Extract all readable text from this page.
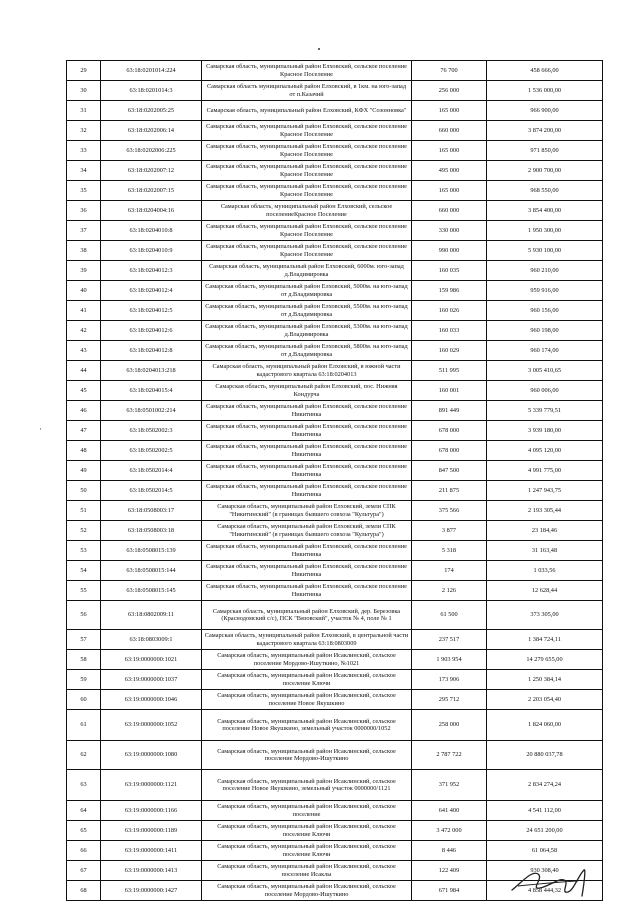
·
29	63:18:0201014:224	Самарская область, муниципальный район Елховский, сельское поселение Красное Поселение	76 700	458 666,00
30	63:18:0201014:3	Самарская область муниципальный район Елховский, в 1км. на юго-запад от п.Казачий	256 000	1 536 000,00
31	63:18:0202005:25	Самарская область, муниципальный район Елховский, КФХ "Созонновка"	165 000	966 900,00
32	63:18:0202006:14	Самарская область, муниципальный район Елховский, сельское поселение Красное Поселение	660 000	3 874 200,00
33	63:18:0202006:225	Самарская область, муниципальный район Елховский, сельское поселение Красное Поселение	165 000	971 850,00
34	63:18:0202007:12	Самарская область, муниципальный район Елховский, сельское поселение Красное Поселение	495 000	2 900 700,00
35	63:18:0202007:15	Самарская область, муниципальный район Елховский, сельское поселение Красное Поселение	165 000	968 550,00
36	63:18:0204004:16	Самарская область, муниципальный район Елховский, сельское поселениеКрасное Поселение	660 000	3 854 400,00
37	63:18:0204010:8	Самарская область, муниципальный район Елховский, сельское поселение Красное Поселение	330 000	1 950 300,00
38	63:18:0204010:9	Самарская область, муниципальный район Елховский, сельское поселение Красное Поселение	990 000	5 930 100,00
39	63:18:0204012:3	Самарская область, муниципальный район Елховский, 6000м. юго-запад д.Владимировка	160 035	960 210,00
40	63:18:0204012:4	Самарская область, муниципальный район Елховский, 5000м. на юго-запад от д.Владимировка	159 986	959 916,00
41	63:18:0204012:5	Самарская область, муниципальный район Елховский, 5500м. на юго-запад от д.Владимировка	160 026	960 156,00
42	63:18:0204012:6	Самарская область, муниципальный район Елховский, 5300м. на юго-запад д.Владимировка	160 033	960 198,00
43	63:18:0204012:8	Самарская область, муниципальный район Елховский, 5800м. на юго-запад от д.Владимировка	160 029	960 174,00
44	63:18:0204013:218	Самарская область, муниципальный район Елховский, в южной части кадастрового квартала 63:18:0204013	511 995	3 005 410,65
45	63:18:0204015:4	Самарская область, муниципальный район Елховский, пос. Нижняя Кондурча	160 001	960 006,00
46	63:18:0501002:214	Самарская область, муниципальный район Елховский, сельское поселение Никитинка	891 449	5 339 779,51
47	63:18:0502002:3	Самарская область, муниципальный район Елховский, сельское поселение Никитинка	678 000	3 939 180,00
48	63:18:0502002:5	Самарская область, муниципальный район Елховский, сельское поселение Никитинка	678 000	4 095 120,00
49	63:18:0502014:4	Самарская область, муниципальный район Елховский, сельское поселение Никитинка	847 500	4 991 775,00
50	63:18:0502014:5	Самарская область, муниципальный район Елховский, сельское поселение Никитинка	211 875	1 247 943,75
51	63:18:0508003:17	Самарская область, муниципальный район Елховский, земли СПК "Никитинский" (в границах бывшего совхоза "Культура")	375 566	2 193 305,44
52	63:18:0508003:18	Самарская область, муниципальный район Елховский, земли СПК "Никитинский" (в границах бывшего совхоза "Культура")	3 877	23 184,46
53	63:18:0508015:139	Самарская область, муниципальный район Елховский, сельское поселение Никитинка	5 318	31 163,48
54	63:18:0508015:144	Самарская область, муниципальный район Елховский, сельское поселение Никитинка	174	1 033,56
55	63:18:0508015:145	Самарская область, муниципальный район Елховский, сельское поселение Никитинка	2 126	12 628,44
56	63:18:0802009:11	Самарская область, муниципальный район Елховский, дер. Березовка (Краснодомский с/с), ПСК "Вязовский", участок № 4, поле № 1	61 500	373 305,00
57	63:18:0803009:1	Самарская область, муниципальный район Елховский, в центральной части кадастрового квартала 63:18:0803009	237 517	1 384 724,11
58	63:19:0000000:1021	Самарская область, муниципальный район Исаклинский, сельское поселение Мордово-Ишуткино, №1021	1 903 954	14 279 655,00
59	63:19:0000000:1037	Самарская область, муниципальный район Исаклинский, сельское поселение Ключи	173 906	1 250 384,14
60	63:19:0000000:1046	Самарская область, муниципальный район Исаклинский, сельское поселение Новое Якушкино	295 712	2 203 054,40
61	63:19:0000000:1052	Самарская область, муниципальный район Исаклинский, сельское поселение Новое Якушкино, земельный участок 0000000/1052	258 000	1 824 060,00
62	63:19:0000000:1080	Самарская область, муниципальный район Исаклинский, сельское поселение Мордово-Ишуткино	2 787 722	20 880 037,78
63	63:19:0000000:1121	Самарская область, муниципальный район Исаклинский, сельское поселение Новое Якушкино, земельный участок 0000000/1121	371 952	2 834 274,24
64	63:19:0000000:1166	Самарская область, муниципальный район Исаклинский, сельское поселение	641 400	4 541 112,00
65	63:19:0000000:1189	Самарская область, муниципальный район Исаклинский, сельское поселение Ключи	3 472 000	24 651 200,00
66	63:19:0000000:1411	Самарская область, муниципальный район Исаклинский, сельское поселение Ключи	8 446	61 064,58
67	63:19:0000000:1413	Самарская область, муниципальный район Исаклинский, сельское поселение Исаклы	122 409	930 308,40
68	63:19:0000000:1427	Самарская область, муниципальный район Исаклинский, сельское поселение Мордово-Ишуткино	671 984	4 858 444,32
